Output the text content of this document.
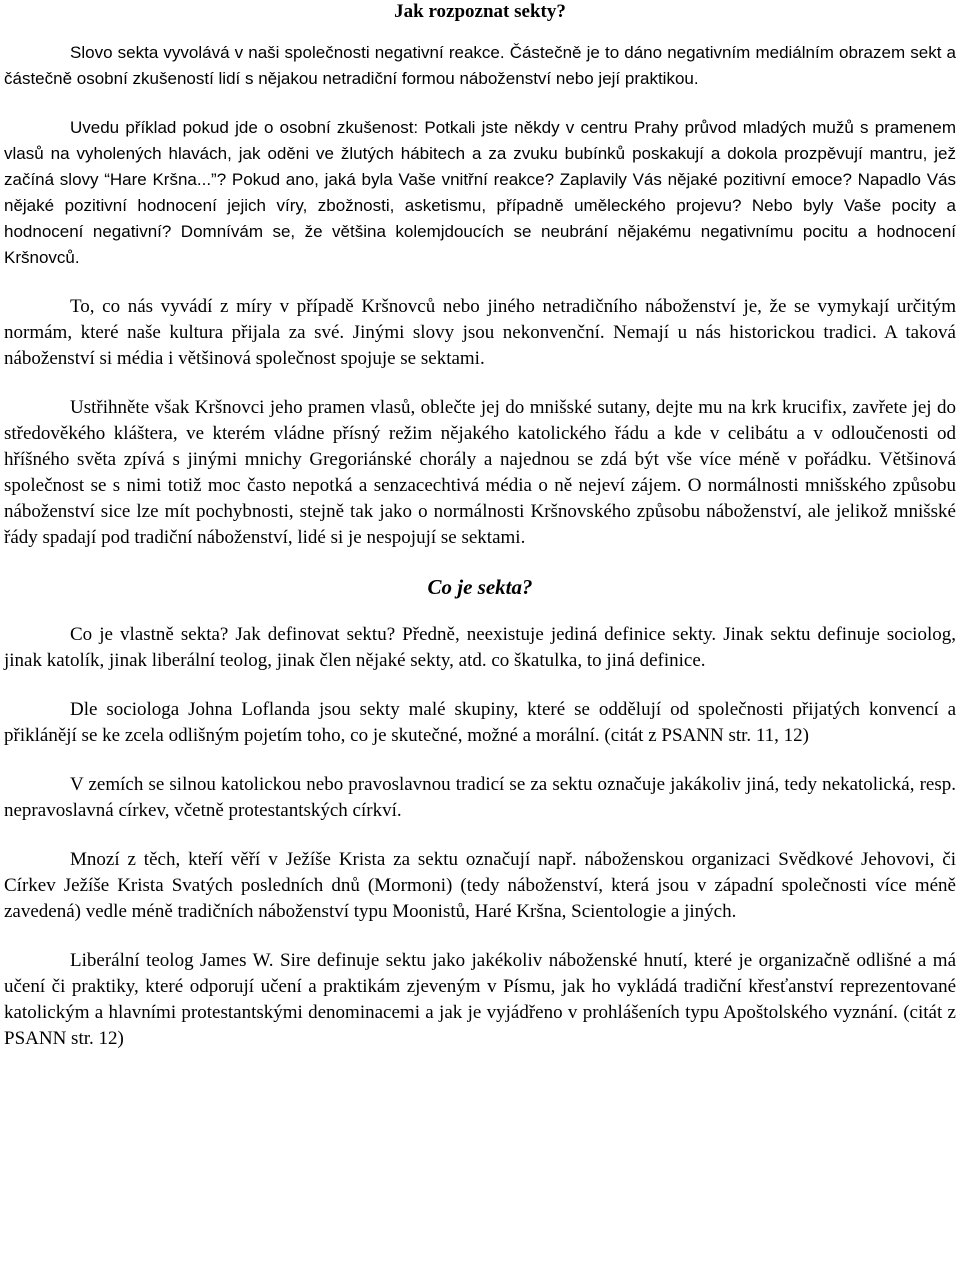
Jak rozpoznat sekty?

Slovo sekta vyvolává v naši společnosti negativní reakce. Částečně je to dáno negativním mediálním obrazem sekt a částečně osobní zkušeností lidí s nějakou netradiční formou náboženství nebo její praktikou.

Uvedu příklad pokud jde o osobní zkušenost: Potkali jste někdy v centru Prahy průvod mladých mužů s pramenem vlasů na vyholených hlavách, jak oděni ve žlutých hábitech a za zvuku bubínků poskakují a dokola prozpěvují mantru, jež začíná slovy “Hare Kršna...”? Pokud ano, jaká byla Vaše vnitřní reakce? Zaplavily Vás nějaké pozitivní emoce? Napadlo Vás nějaké pozitivní hodnocení jejich víry, zbožnosti, asketismu, případně uměleckého projevu? Nebo byly Vaše pocity a hodnocení negativní? Domnívám se, že většina kolemjdoucích se neubrání nějakému negativnímu pocitu a hodnocení Kršnovců.

To, co nás vyvádí z míry v případě Kršnovců nebo jiného netradičního náboženství je, že se vymykají určitým normám, které naše kultura přijala za své. Jinými slovy jsou nekonvenční. Nemají u nás historickou tradici. A taková náboženství si média i většinová společnost spojuje se sektami.

Ustřihněte však Kršnovci jeho pramen vlasů, oblečte jej do mnišské sutany, dejte mu na krk krucifix, zavřete jej do středověkého kláštera, ve kterém vládne přísný režim nějakého katolického řádu a kde v celibátu a v odloučenosti od hříšného světa zpívá s jinými mnichy Gregoriánské chorály a najednou se zdá být vše více méně v pořádku. Většinová společnost se s nimi totiž moc často nepotká a senzacechtivá média o ně nejeví zájem. O normálnosti mnišského způsobu náboženství sice lze mít pochybnosti, stejně tak jako o normálnosti Kršnovského způsobu náboženství, ale jelikož mnišské řády spadají pod tradiční náboženství, lidé si je nespojují se sektami.

Co je sekta?

Co je vlastně sekta? Jak definovat sektu? Předně, neexistuje jediná definice sekty. Jinak sektu definuje sociolog, jinak katolík, jinak liberální teolog, jinak člen nějaké sekty, atd. co škatulka, to jiná definice.

Dle sociologa Johna Loflanda jsou sekty malé skupiny, které se oddělují od společnosti přijatých konvencí a přiklánějí se ke zcela odlišným pojetím toho, co je skutečné, možné a morální. (citát z PSANN str. 11, 12)

V zemích se silnou katolickou nebo pravoslavnou tradicí se za sektu označuje jakákoliv jiná, tedy nekatolická, resp. nepravoslavná církev, včetně protestantských církví.

Mnozí z těch, kteří věří v Ježíše Krista za sektu označují např. náboženskou organizaci Svědkové Jehovovi, či Církev Ježíše Krista Svatých posledních dnů (Mormoni) (tedy náboženství, která jsou v západní společnosti více méně zavedená) vedle méně tradičních náboženství typu Moonistů, Haré Kršna, Scientologie a jiných.

Liberální teolog James W. Sire definuje sektu jako jakékoliv náboženské hnutí, které je organizačně odlišné a má učení či praktiky, které odporují učení a praktikám zjeveným v Písmu, jak ho vykládá tradiční křesťanství reprezentované katolickým a hlavními protestantskými denominacemi a jak je vyjádřeno v prohlášeních typu Apoštolského vyznání. (citát z PSANN str. 12)
